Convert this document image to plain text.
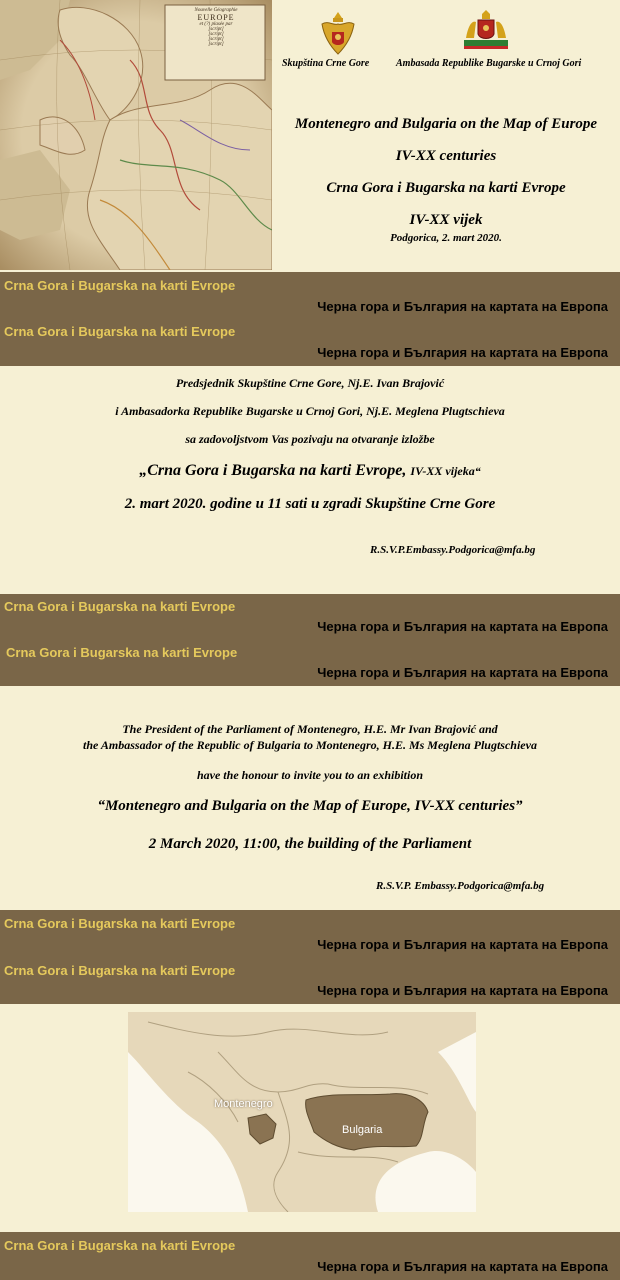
Nouvelle Géographie
EUROPE
et (?) plasée par
[script]
[script]
[script]
[script]
Skupština Crne Gore	Ambasada Republike Bugarske u Crnoj Gori
Montenegro and Bulgaria on the Map of Europe
IV-XX centuries
Crna Gora i Bugarska na karti Evrope
IV-XX vijek
Podgorica, 2. mart 2020.
Crna Gora i Bugarska na karti Evrope
Черна гора и България на картата на Европа
Crna Gora i Bugarska na karti Evrope
Черна гора и България на картата на Европа
Predsjednik Skupštine Crne Gore, Nj.E. Ivan Brajović
i Ambasadorka Republike Bugarske u Crnoj Gori, Nj.E. Meglena Plugtschieva
sa zadovoljstvom Vas pozivaju na otvaranje izložbe
„Crna Gora i Bugarska na karti Evrope, IV-XX vijeka“
2. mart 2020. godine u 11 sati u zgradi Skupštine Crne Gore
R.S.V.P.Embassy.Podgorica@mfa.bg
Crna Gora i Bugarska na karti Evrope
Черна гора и България на картата на Европа
Crna Gora i Bugarska na karti Evrope
Черна гора и България на картата на Европа
The President of the Parliament of Montenegro, H.E. Mr Ivan Brajović and
the Ambassador of the Republic of Bulgaria to Montenegro, H.E. Ms Meglena Plugtschieva
have the honour to invite you to an exhibition
“Montenegro and Bulgaria on the Map of Europe, IV-XX centuries”
2 March 2020, 11:00, the building of the Parliament
R.S.V.P. Embassy.Podgorica@mfa.bg
Crna Gora i Bugarska na karti Evrope
Черна гора и България на картата на Европа
Crna Gora i Bugarska na karti Evrope
Черна гора и България на картата на Европа
Montenegro
Bulgaria
Crna Gora i Bugarska na karti Evrope
Черна гора и България на картата на Европа
